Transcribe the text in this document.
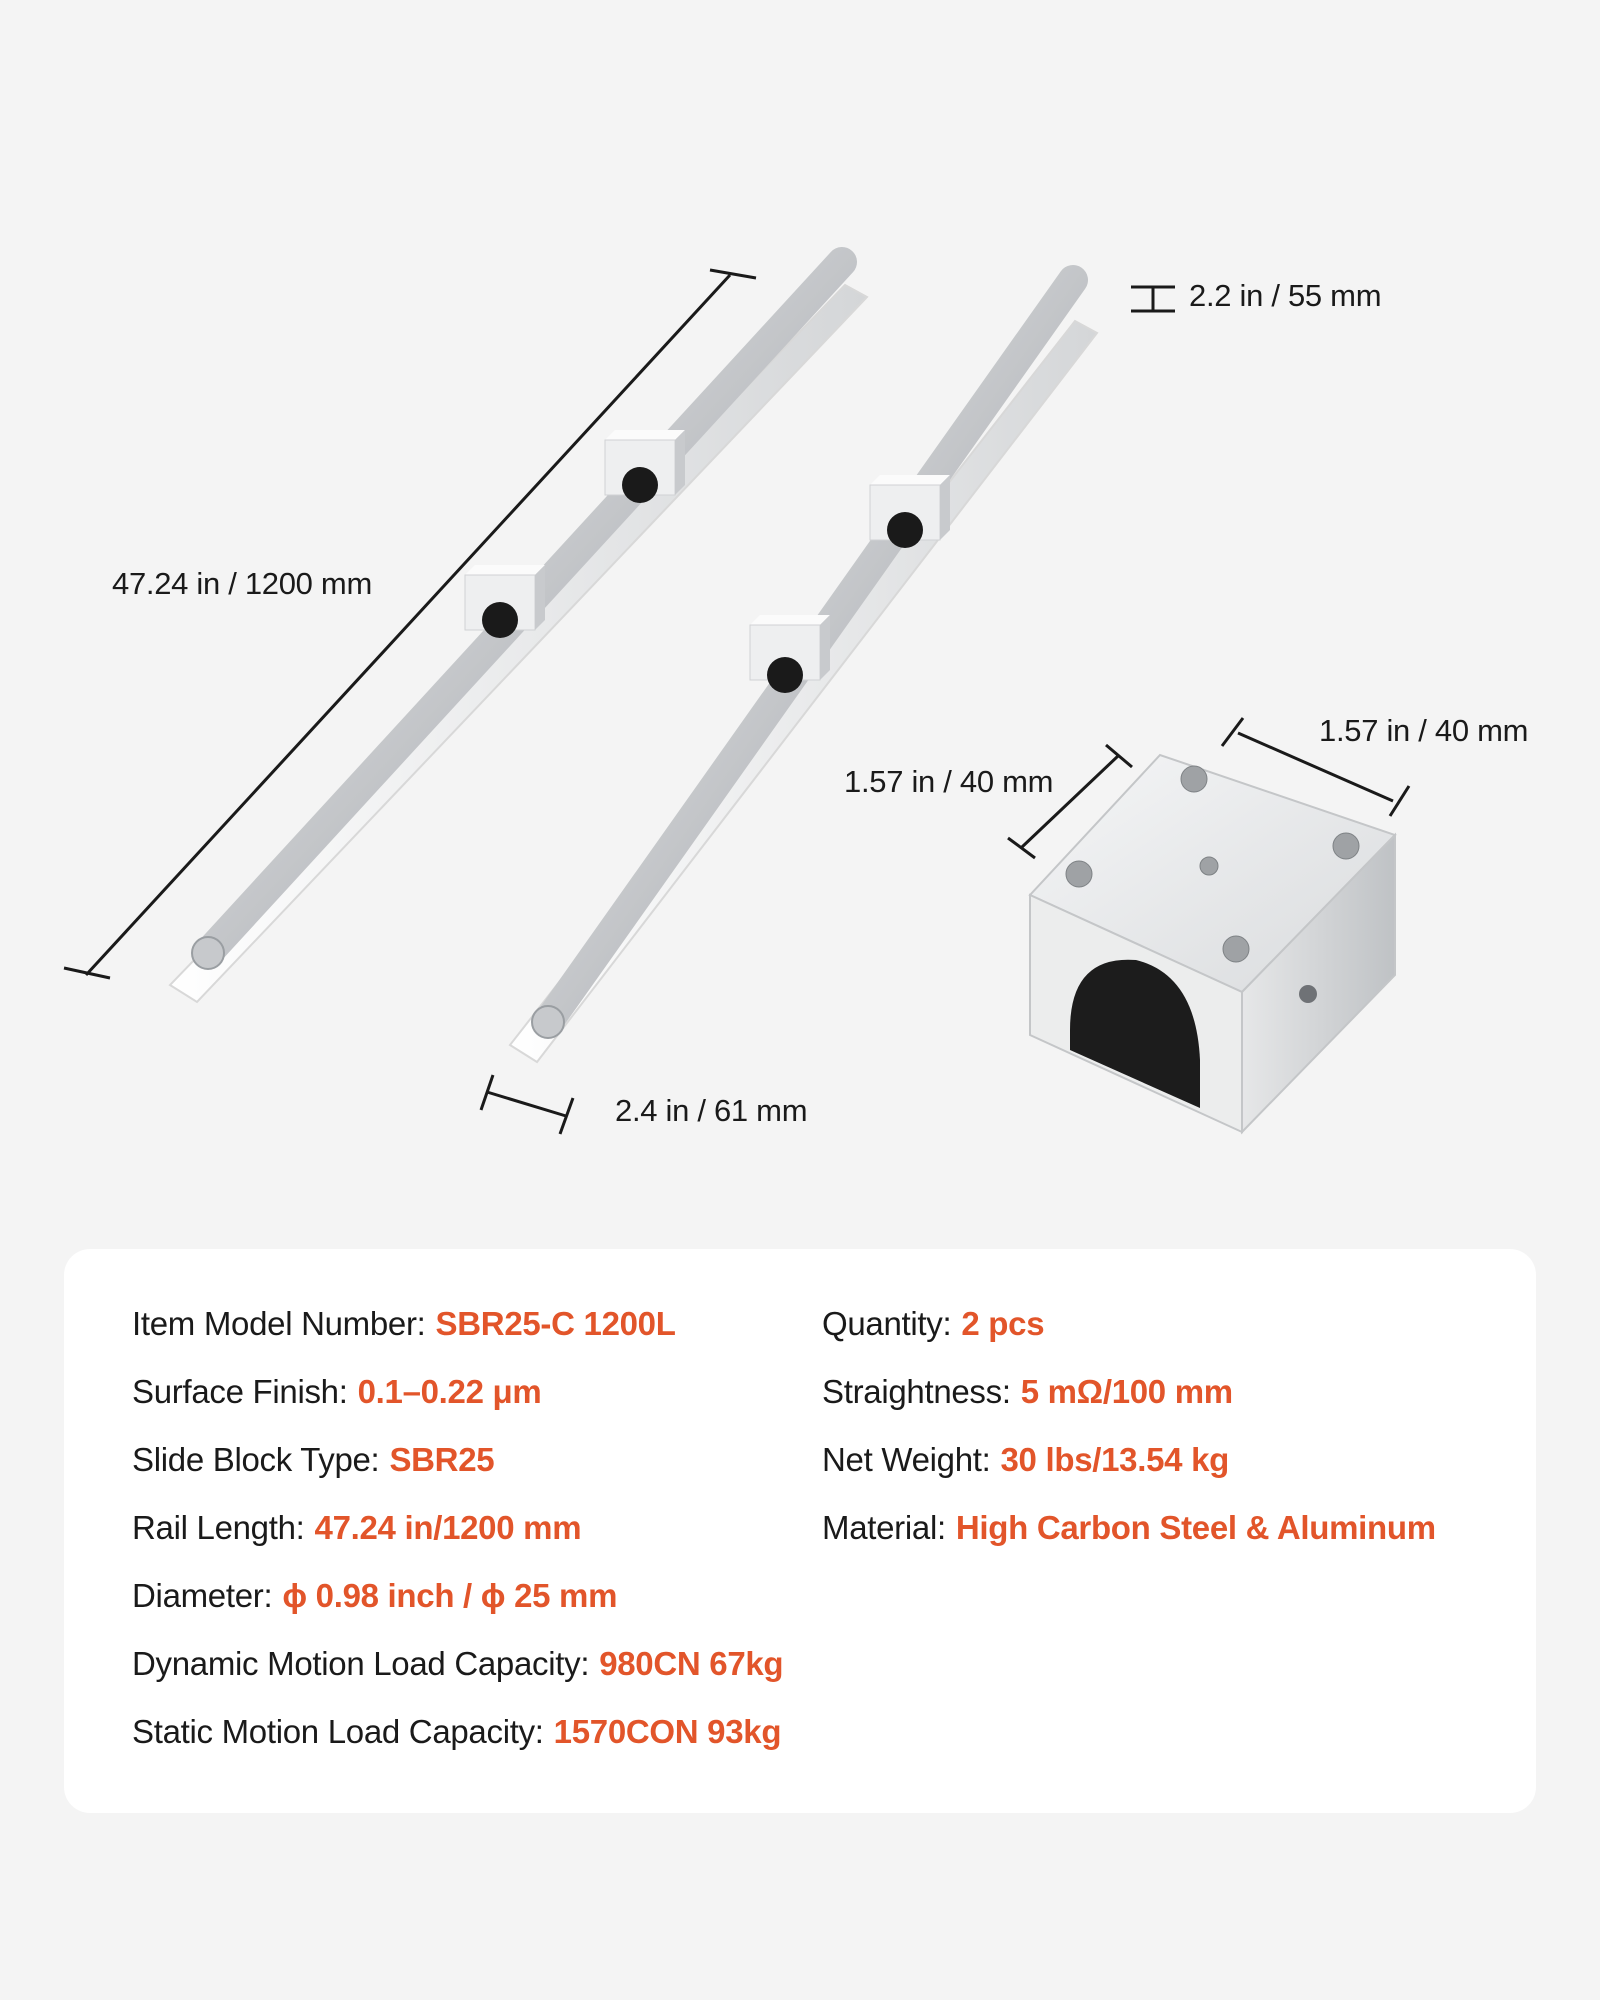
47.24 in / 1200 mm
2.2 in / 55 mm
2.4 in / 61 mm
1.57 in / 40 mm
1.57 in / 40 mm
Item Model Number: SBR25-C 1200L
Surface Finish: 0.1–0.22 μm
Slide Block Type: SBR25
Rail Length: 47.24 in/1200 mm
Diameter: ϕ 0.98 inch / ϕ 25 mm
Dynamic Motion Load Capacity: 980CN 67kg
Static Motion Load Capacity: 1570CON 93kg
Quantity: 2 pcs
Straightness: 5 mΩ/100 mm
Net Weight: 30 lbs/13.54 kg
Material: High Carbon Steel & Aluminum
